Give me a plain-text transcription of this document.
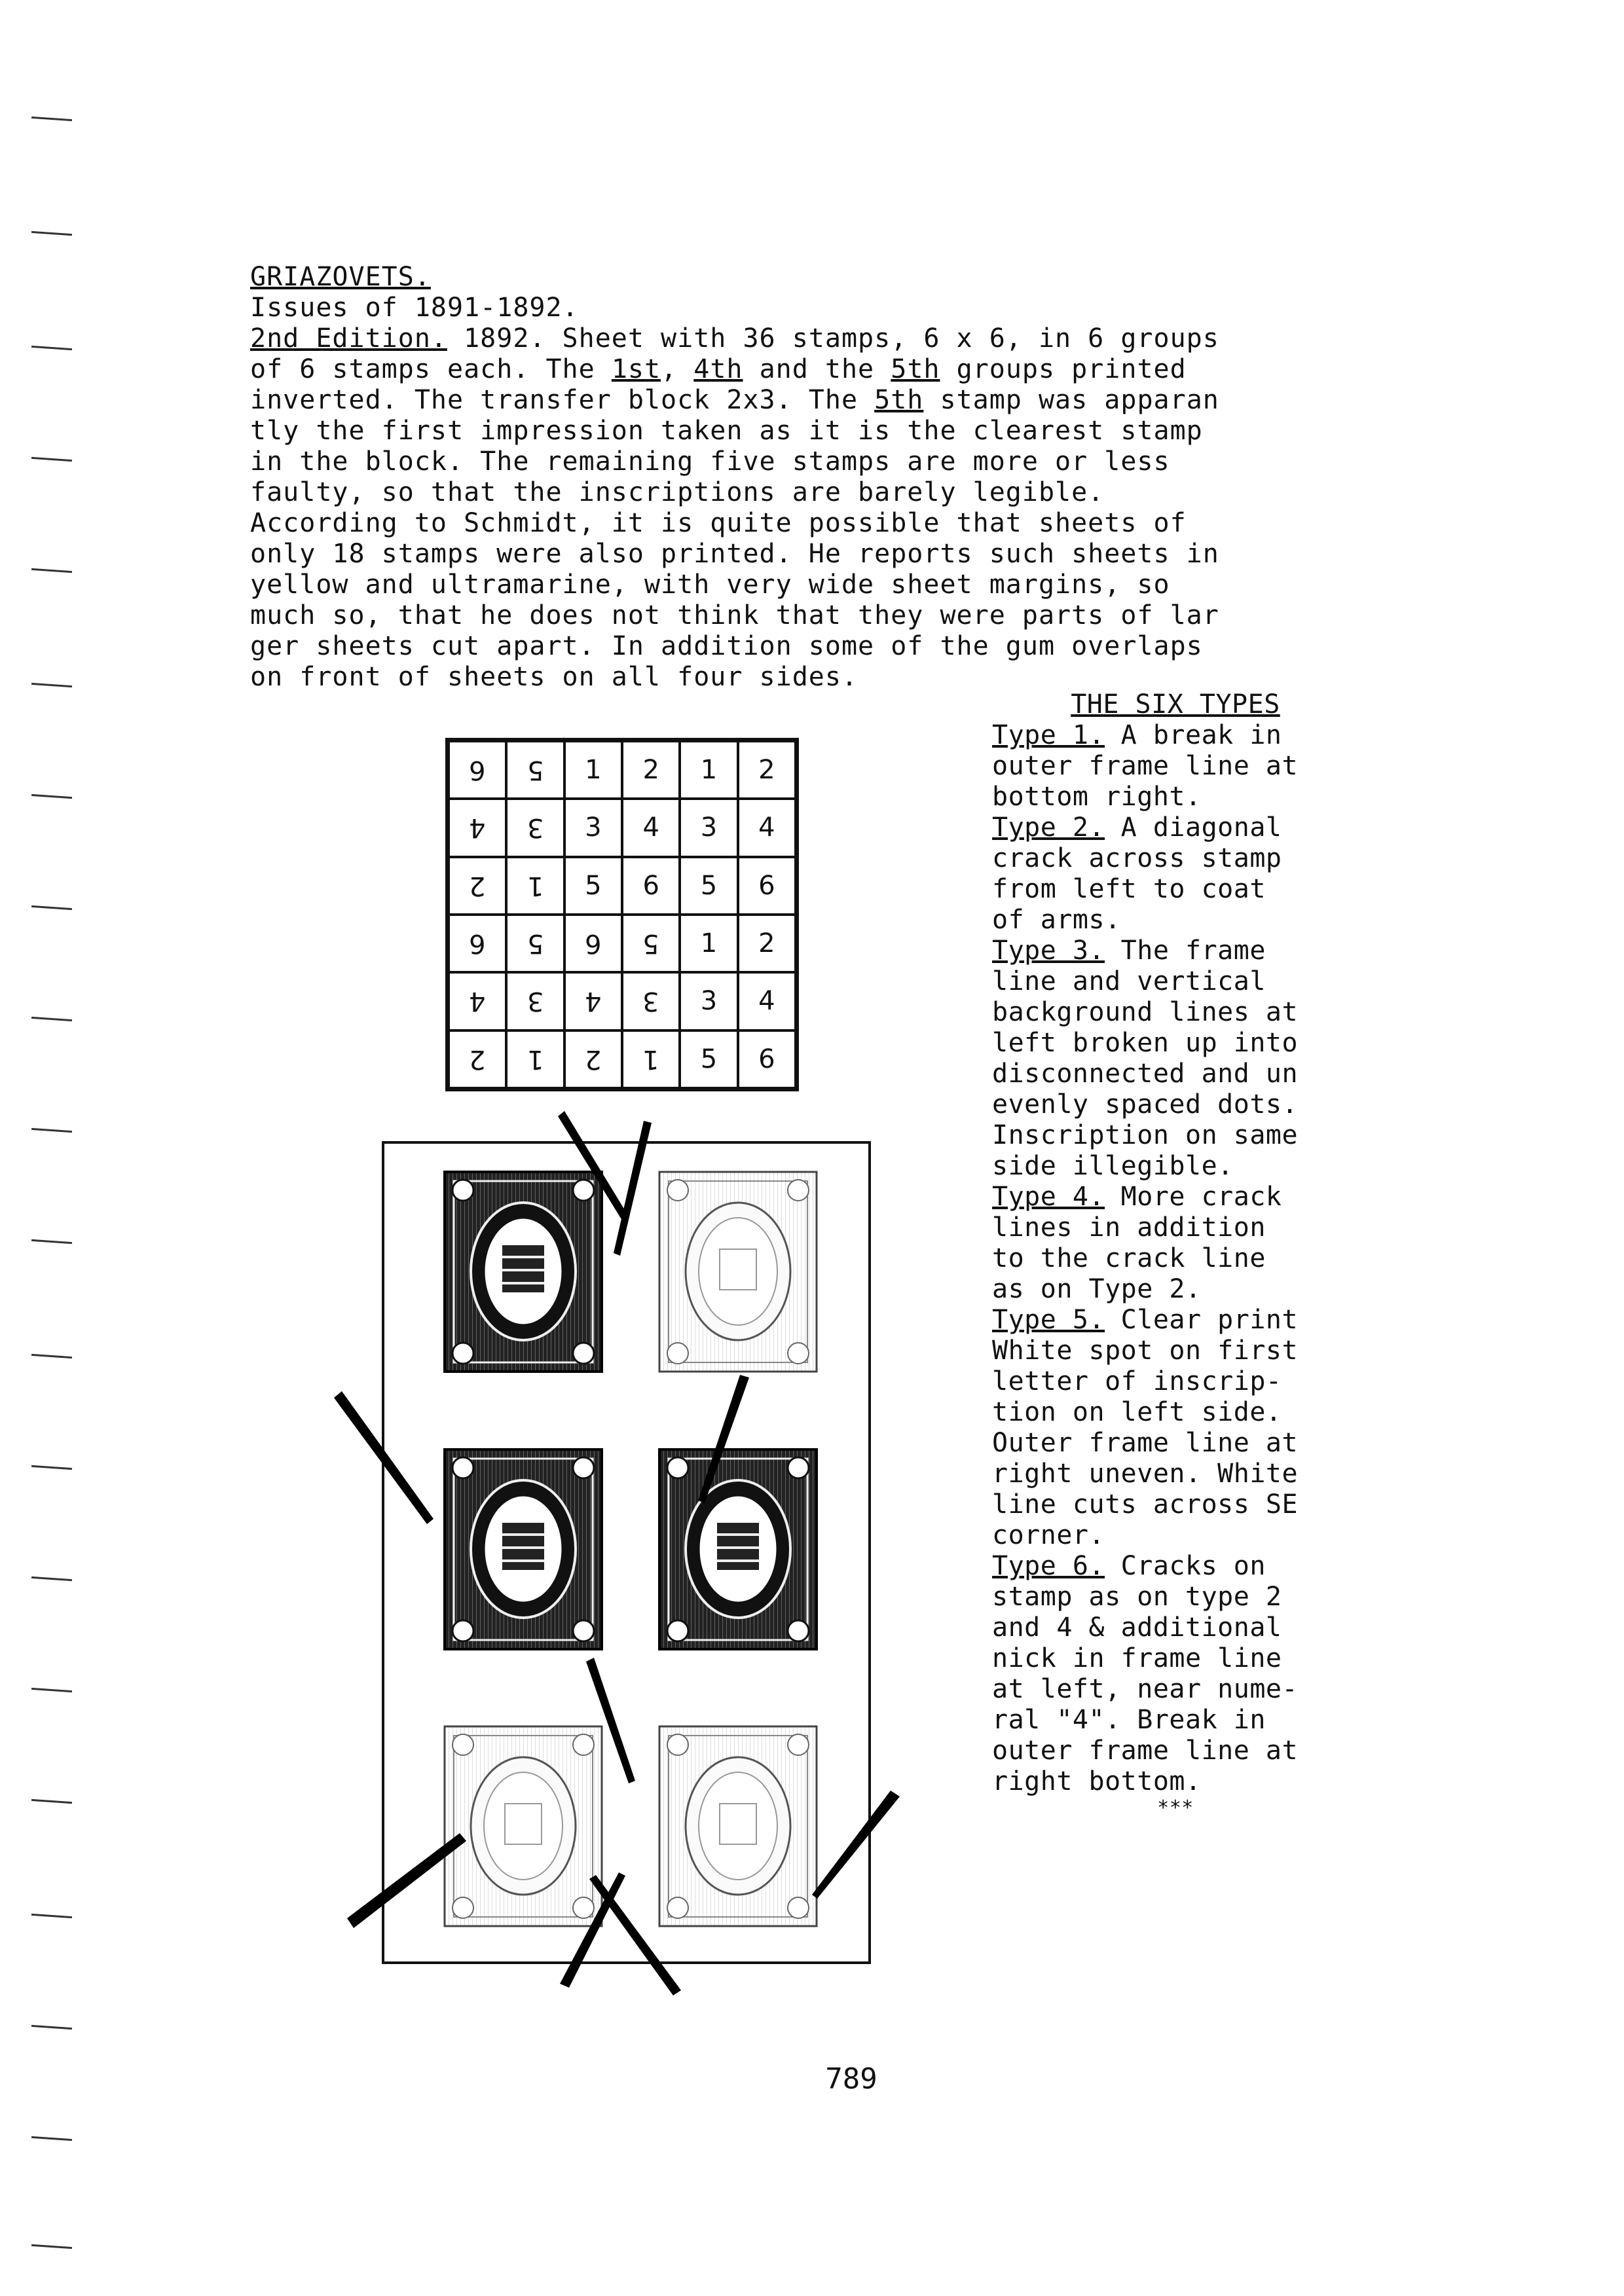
GRIAZOVETS.

Issues of 1891-1892.

2nd Edition. 1892. Sheet with 36 stamps, 6 x 6, in 6 groups

of 6 stamps each. The 1st, 4th and the 5th groups printed

inverted. The transfer block 2x3. The 5th stamp was apparan

tly the first impression taken as it is the clearest stamp

in the block. The remaining five stamps are more or less

faulty, so that the inscriptions are barely legible.

According to Schmidt, it is quite possible that sheets of

only 18 stamps were also printed. He reports such sheets in

yellow and ultramarine, with very wide sheet margins, so

much so, that he does not think that they were parts of lar

ger sheets cut apart. In addition some of the gum overlaps

on front of sheets on all four sides.

6 5 1 2 1 2
4 3 3 4 3 4
2 1 5 6 5 6
6 5 6 5 1 2
4 3 4 3 3 4
2 1 2 1 5 6

THE SIX TYPES

Type 1. A break in

outer frame line at

bottom right.

Type 2. A diagonal

crack across stamp

from left to coat

of arms.

Type 3. The frame

line and vertical

background lines at

left broken up into

disconnected and un

evenly spaced dots.

Inscription on same

side illegible.

Type 4. More crack

lines in addition

to the crack line

as on Type 2.

Type 5. Clear print

White spot on first

letter of inscrip-

tion on left side.

Outer frame line at

right uneven. White

line cuts across SE

corner.

Type 6. Cracks on

stamp as on type 2

and 4 & additional

nick in frame line

at left, near nume-

ral "4". Break in

outer frame line at

right bottom.

***

789
